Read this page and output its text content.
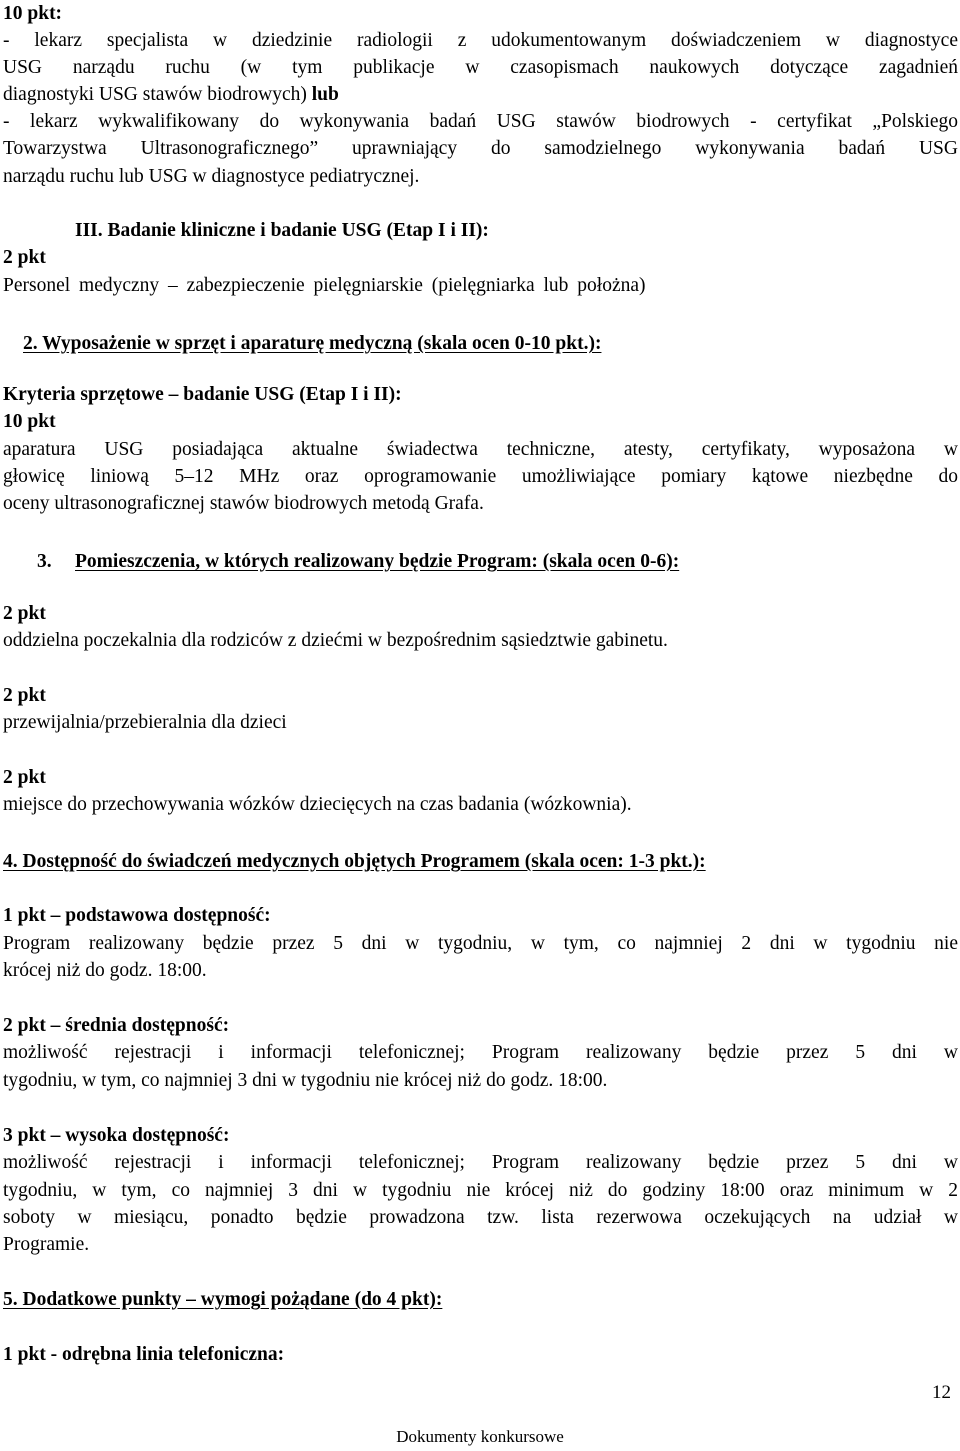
10 pkt:
- lekarz specjalista w dziedzinie radiologii z udokumentowanym doświadczeniem w diagnostyce
USG narządu ruchu (w tym publikacje w czasopismach naukowych dotyczące zagadnień
diagnostyki USG stawów biodrowych) lub
- lekarz wykwalifikowany do wykonywania badań USG stawów biodrowych - certyfikat „Polskiego
Towarzystwa Ultrasonograficznego” uprawniający do samodzielnego wykonywania badań USG
narządu ruchu lub USG w diagnostyce pediatrycznej.
III. Badanie kliniczne i badanie USG (Etap I i II):
2 pkt
Personel medyczny – zabezpieczenie pielęgniarskie (pielęgniarka lub położna)
2. Wyposażenie w sprzęt i aparaturę medyczną (skala ocen 0-10 pkt.):
Kryteria sprzętowe – badanie USG (Etap I i II):
10 pkt
aparatura USG posiadająca aktualne świadectwa techniczne, atesty, certyfikaty, wyposażona w
głowicę liniową 5–12 MHz oraz oprogramowanie umożliwiające pomiary kątowe niezbędne do
oceny ultrasonograficznej stawów biodrowych metodą Grafa.
3. Pomieszczenia, w których realizowany będzie Program: (skala ocen 0-6):
2 pkt
oddzielna poczekalnia dla rodziców z dziećmi w bezpośrednim sąsiedztwie gabinetu.
2 pkt
przewijalnia/przebieralnia dla dzieci
2 pkt
miejsce do przechowywania wózków dziecięcych na czas badania (wózkownia).
4. Dostępność do świadczeń medycznych objętych Programem (skala ocen: 1-3 pkt.):
1 pkt – podstawowa dostępność:
Program realizowany będzie przez 5 dni w tygodniu, w tym, co najmniej 2 dni w tygodniu nie
krócej niż do godz. 18:00.
2 pkt – średnia dostępność:
możliwość rejestracji i informacji telefonicznej; Program realizowany będzie przez 5 dni w
tygodniu, w tym, co najmniej 3 dni w tygodniu nie krócej niż do godz. 18:00.
3 pkt – wysoka dostępność:
możliwość rejestracji i informacji telefonicznej; Program realizowany będzie przez 5 dni w
tygodniu, w tym, co najmniej 3 dni w tygodniu nie krócej niż do godziny 18:00 oraz minimum w 2
soboty w miesiącu, ponadto będzie prowadzona tzw. lista rezerwowa oczekujących na udział w
Programie.
5. Dodatkowe punkty – wymogi pożądane (do 4 pkt):
1 pkt - odrębna linia telefoniczna:
12
Dokumenty konkursowe
